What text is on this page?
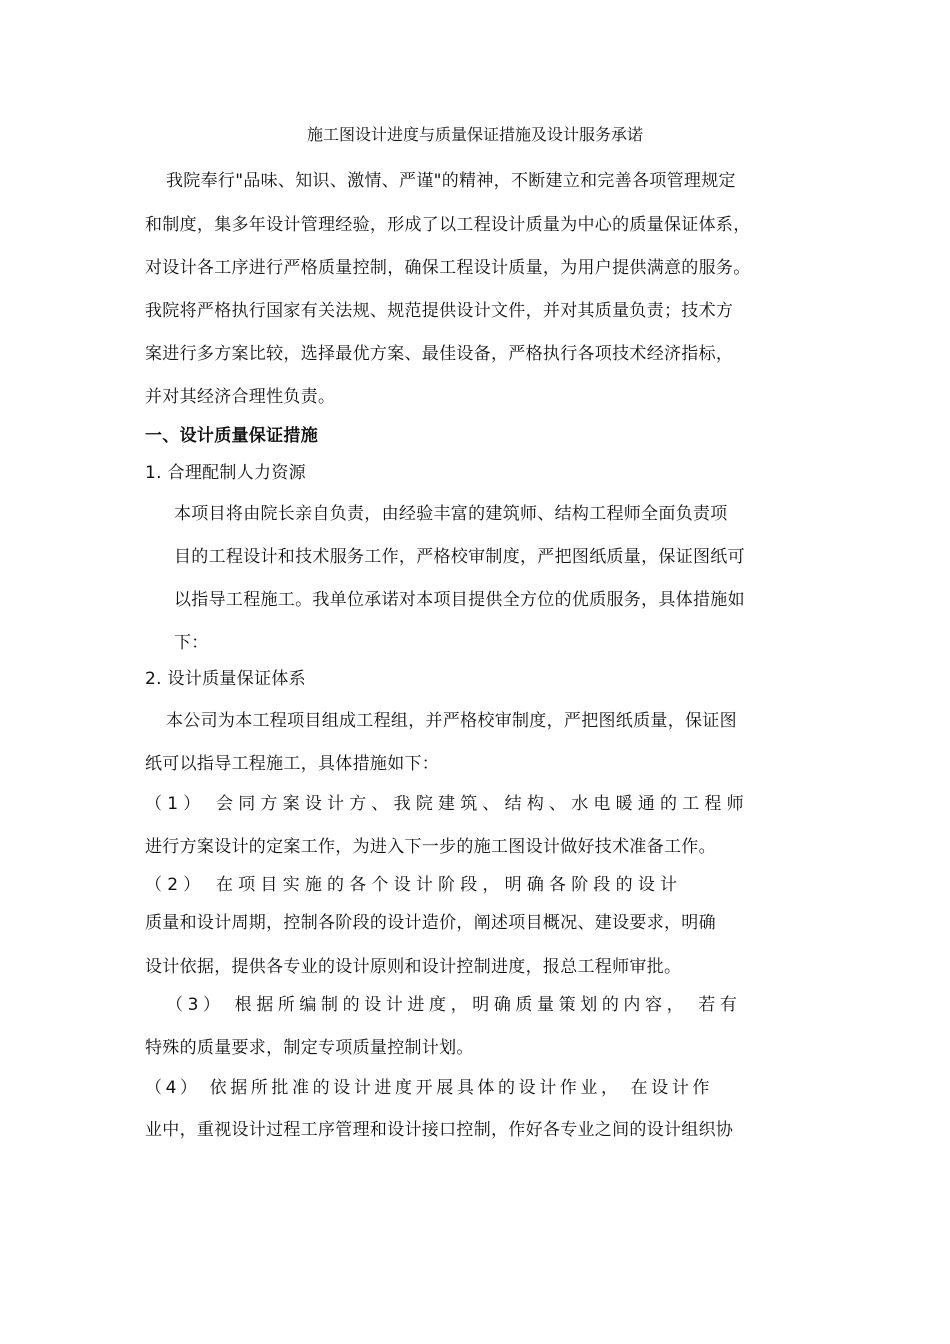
施工图设计进度与质量保证措施及设计服务承诺
我院奉行"品味、知识、激情、严谨"的精神，不断建立和完善各项管理规定
和制度，集多年设计管理经验，形成了以工程设计质量为中心的质量保证体系，
对设计各工序进行严格质量控制，确保工程设计质量，为用户提供满意的服务。
我院将严格执行国家有关法规、规范提供设计文件，并对其质量负责；技术方
案进行多方案比较，选择最优方案、最佳设备，严格执行各项技术经济指标，
并对其经济合理性负责。
一、设计质量保证措施
1. 合理配制人力资源
本项目将由院长亲自负责，由经验丰富的建筑师、结构工程师全面负责项
目的工程设计和技术服务工作，严格校审制度，严把图纸质量，保证图纸可
以指导工程施工。我单位承诺对本项目提供全方位的优质服务，具体措施如
下：
2. 设计质量保证体系
本公司为本工程项目组成工程组，并严格校审制度，严把图纸质量，保证图
纸可以指导工程施工，具体措施如下：
（1） 会同方案设计方、我院建筑、结构、水电暖通的工程师
进行方案设计的定案工作，为进入下一步的施工图设计做好技术准备工作。
（2） 在项目实施的各个设计阶段，明确各阶段的设计
质量和设计周期，控制各阶段的设计造价，阐述项目概况、建设要求，明确
设计依据，提供各专业的设计原则和设计控制进度，报总工程师审批。
（3） 根据所编制的设计进度，明确质量策划的内容， 若有
特殊的质量要求，制定专项质量控制计划。
（4） 依据所批准的设计进度开展具体的设计作业， 在设计作
业中，重视设计过程工序管理和设计接口控制，作好各专业之间的设计组织协
